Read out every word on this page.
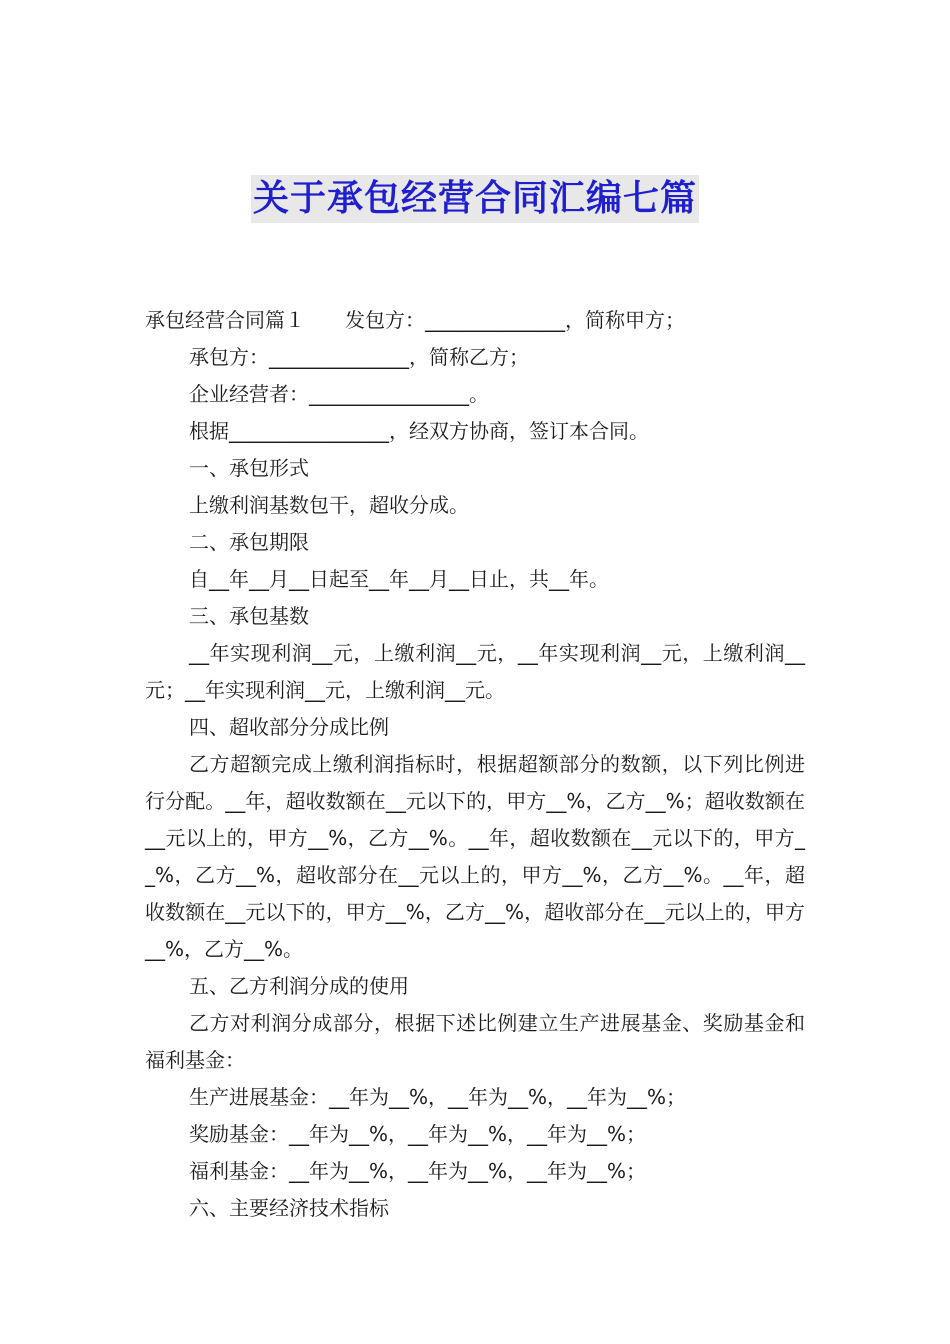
关于承包经营合同汇编七篇

承包经营合同篇１ 发包方：______________，简称甲方；

承包方：______________，简称乙方；

企业经营者：________________。

根据________________，经双方协商，签订本合同。

一、承包形式

上缴利润基数包干，超收分成。

二、承包期限

自__年__月__日起至__年__月__日止，共__年。

三、承包基数

__年实现利润__元，上缴利润__元，__年实现利润__元，上缴利润__元；__年实现利润__元，上缴利润__元。

四、超收部分分成比例

乙方超额完成上缴利润指标时，根据超额部分的数额，以下列比例进行分配。__年，超收数额在__元以下的，甲方__%，乙方__%；超收数额在__元以上的，甲方__%，乙方__%。__年，超收数额在__元以下的，甲方__%，乙方__%，超收部分在__元以上的，甲方__%，乙方__%。__年，超收数额在__元以下的，甲方__%，乙方__%，超收部分在__元以上的，甲方__%，乙方__%。

五、乙方利润分成的使用

乙方对利润分成部分，根据下述比例建立生产进展基金、奖励基金和福利基金：

生产进展基金：__年为__%，__年为__%，__年为__%；

奖励基金：__年为__%，__年为__%，__年为__%；

福利基金：__年为__%，__年为__%，__年为__%；

六、主要经济技术指标
